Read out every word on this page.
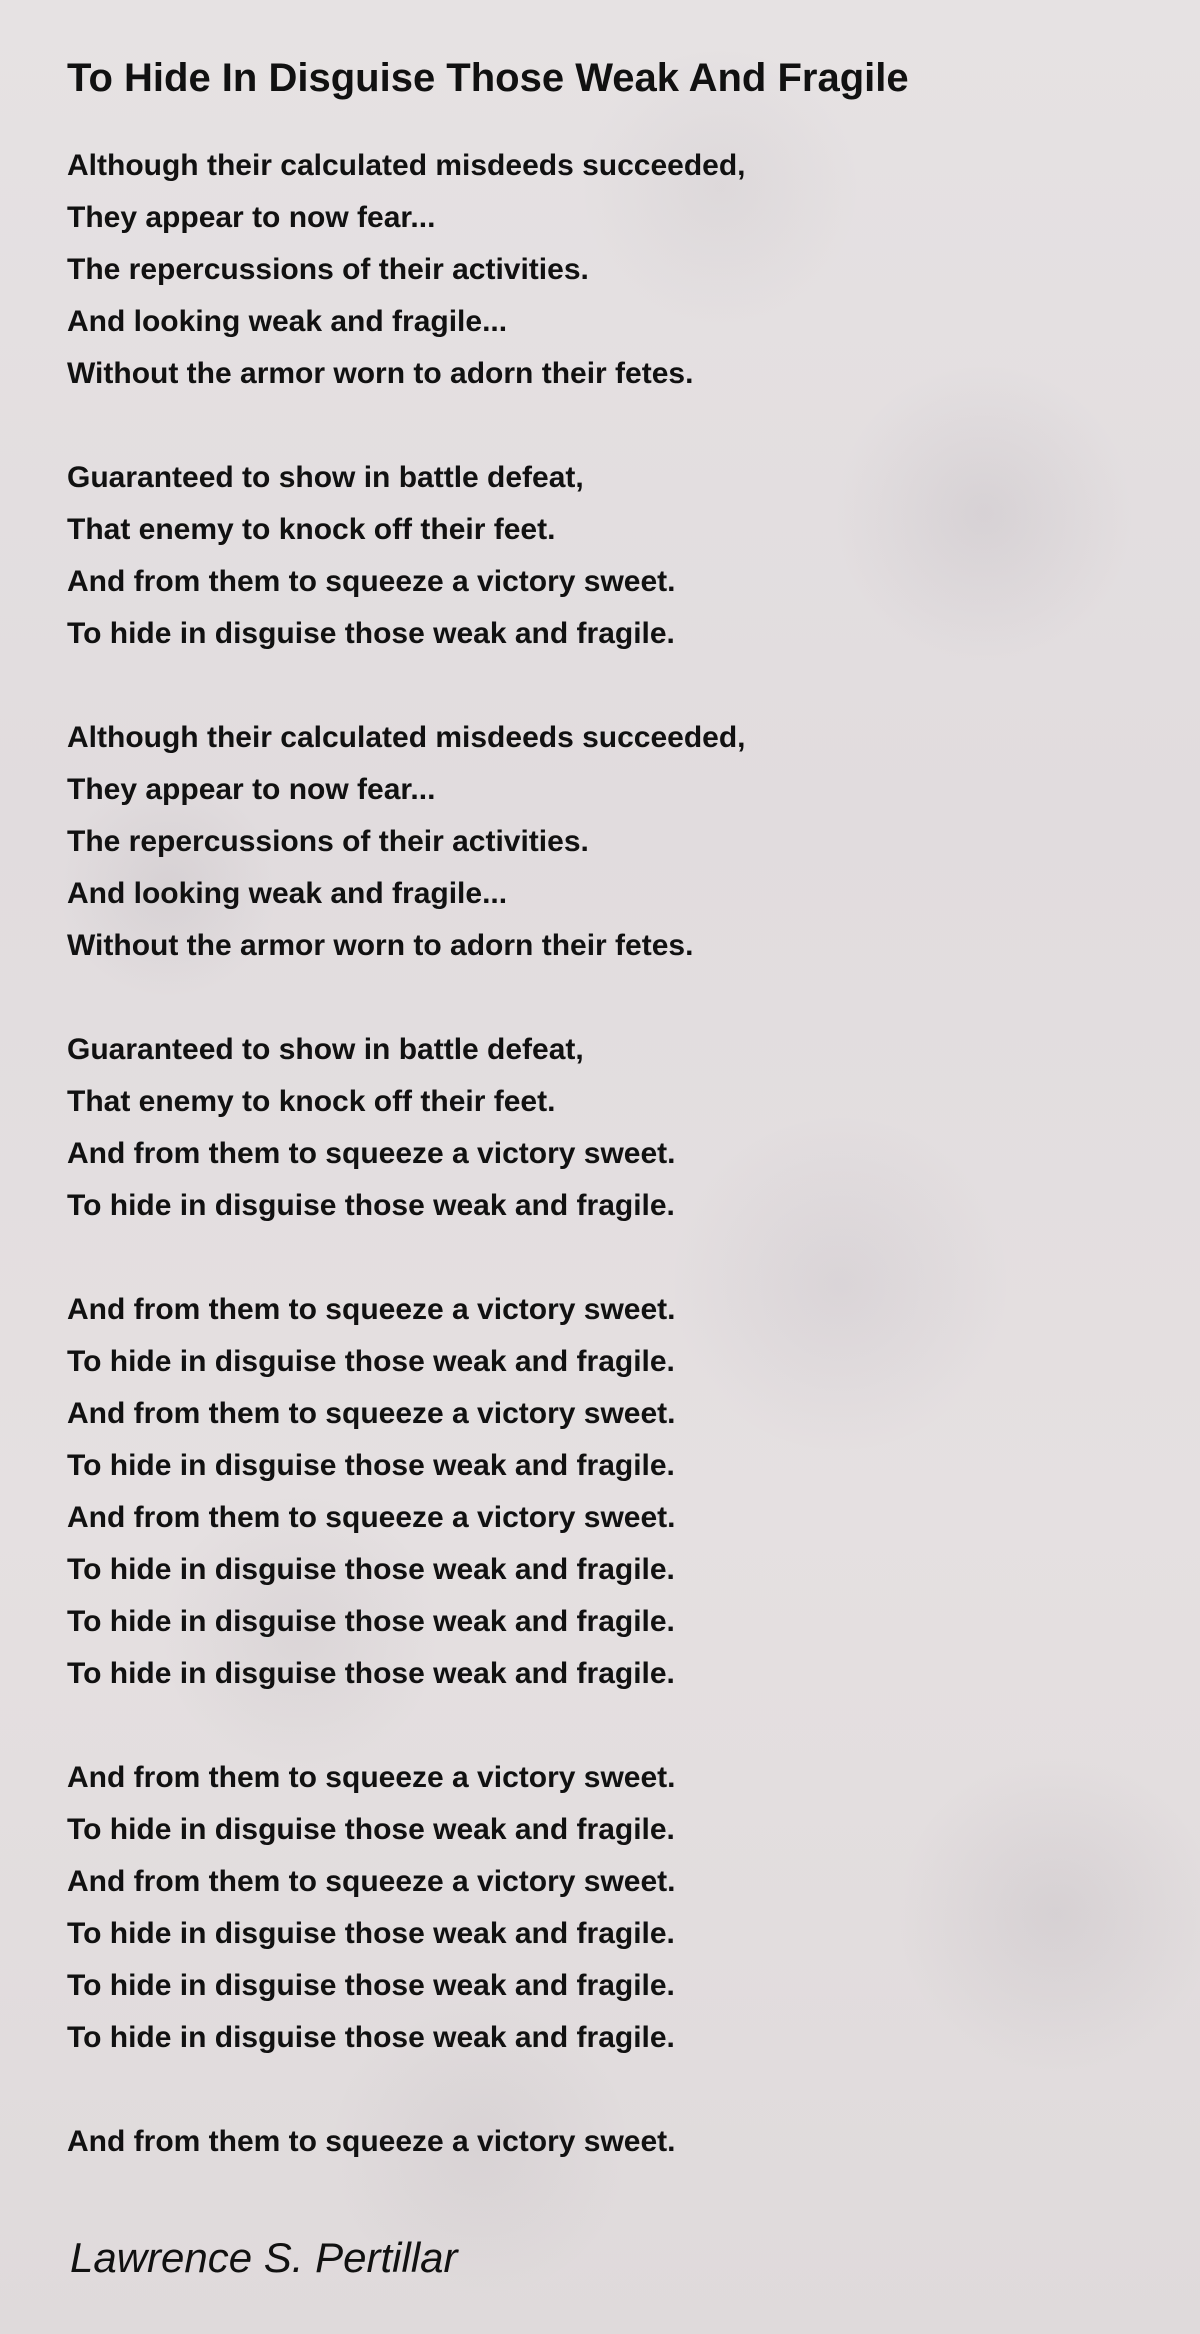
To Hide In Disguise Those Weak And Fragile
Although their calculated misdeeds succeeded,
They appear to now fear...
The repercussions of their activities.
And looking weak and fragile...
Without the armor worn to adorn their fetes.
Guaranteed to show in battle defeat,
That enemy to knock off their feet.
And from them to squeeze a victory sweet.
To hide in disguise those weak and fragile.
Although their calculated misdeeds succeeded,
They appear to now fear...
The repercussions of their activities.
And looking weak and fragile...
Without the armor worn to adorn their fetes.
Guaranteed to show in battle defeat,
That enemy to knock off their feet.
And from them to squeeze a victory sweet.
To hide in disguise those weak and fragile.
And from them to squeeze a victory sweet.
To hide in disguise those weak and fragile.
And from them to squeeze a victory sweet.
To hide in disguise those weak and fragile.
And from them to squeeze a victory sweet.
To hide in disguise those weak and fragile.
To hide in disguise those weak and fragile.
To hide in disguise those weak and fragile.
And from them to squeeze a victory sweet.
To hide in disguise those weak and fragile.
And from them to squeeze a victory sweet.
To hide in disguise those weak and fragile.
To hide in disguise those weak and fragile.
To hide in disguise those weak and fragile.
And from them to squeeze a victory sweet.
Lawrence S. Pertillar
